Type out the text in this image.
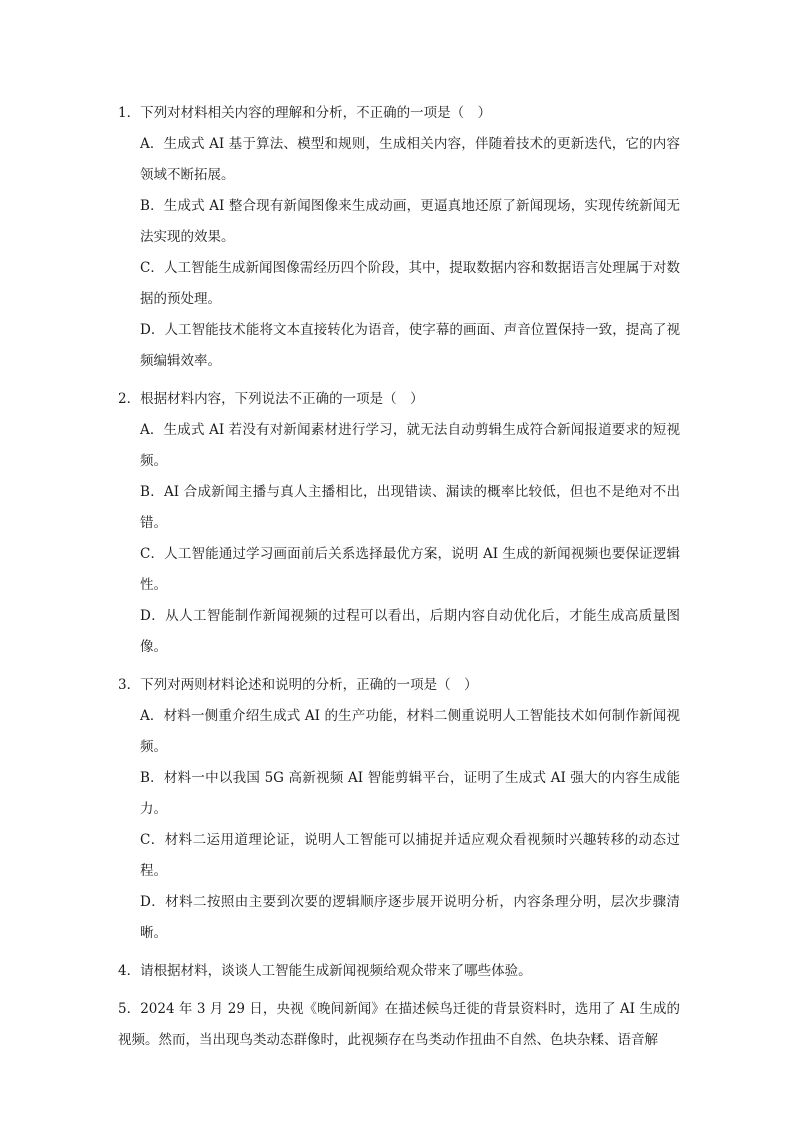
1．下列对材料相关内容的理解和分析，不正确的一项是（　）
A．生成式 AI 基于算法、模型和规则，生成相关内容，伴随着技术的更新迭代，它的内容领域不断拓展。
B．生成式 AI 整合现有新闻图像来生成动画，更逼真地还原了新闻现场，实现传统新闻无法实现的效果。
C．人工智能生成新闻图像需经历四个阶段，其中，提取数据内容和数据语言处理属于对数据的预处理。
D．人工智能技术能将文本直接转化为语音，使字幕的画面、声音位置保持一致，提高了视频编辑效率。
2．根据材料内容，下列说法不正确的一项是（　）
A．生成式 AI 若没有对新闻素材进行学习，就无法自动剪辑生成符合新闻报道要求的短视频。
B．AI 合成新闻主播与真人主播相比，出现错读、漏读的概率比较低，但也不是绝对不出错。
C．人工智能通过学习画面前后关系选择最优方案，说明 AI 生成的新闻视频也要保证逻辑性。
D．从人工智能制作新闻视频的过程可以看出，后期内容自动优化后，才能生成高质量图像。
3．下列对两则材料论述和说明的分析，正确的一项是（　）
A．材料一侧重介绍生成式 AI 的生产功能，材料二侧重说明人工智能技术如何制作新闻视频。
B．材料一中以我国 5G 高新视频 AI 智能剪辑平台，证明了生成式 AI 强大的内容生成能力。
C．材料二运用道理论证，说明人工智能可以捕捉并适应观众看视频时兴趣转移的动态过程。
D．材料二按照由主要到次要的逻辑顺序逐步展开说明分析，内容条理分明，层次步骤清晰。
4．请根据材料，谈谈人工智能生成新闻视频给观众带来了哪些体验。
5．2024 年 3 月 29 日，央视《晚间新闻》在描述候鸟迁徙的背景资料时，选用了 AI 生成的视频。然而，当出现鸟类动态群像时，此视频存在鸟类动作扭曲不自然、色块杂糅、语音解
